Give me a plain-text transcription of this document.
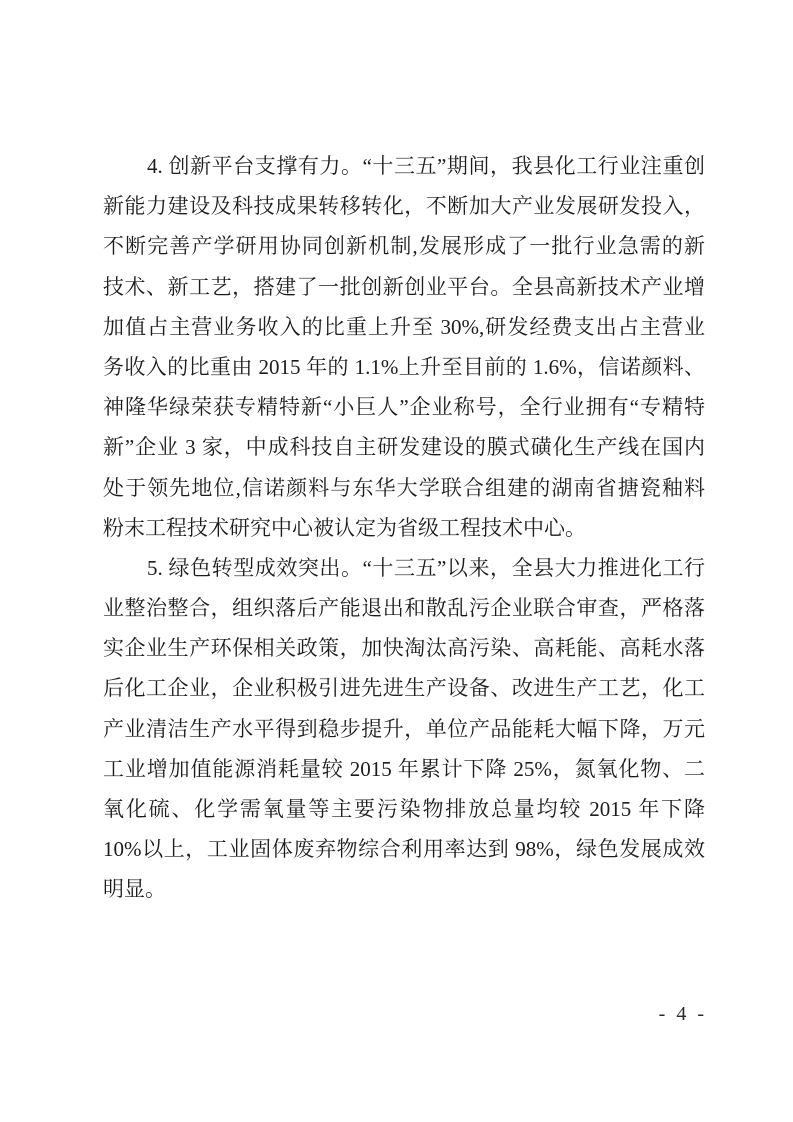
4. 创新平台支撑有力。“十三五”期间，我县化工行业注重创
新能力建设及科技成果转移转化，不断加大产业发展研发投入，
不断完善产学研用协同创新机制,发展形成了一批行业急需的新
技术、新工艺，搭建了一批创新创业平台。全县高新技术产业增
加值占主营业务收入的比重上升至 30%,研发经费支出占主营业
务收入的比重由 2015 年的 1.1%上升至目前的 1.6%，信诺颜料、
神隆华绿荣获专精特新“小巨人”企业称号，全行业拥有“专精特
新”企业 3 家，中成科技自主研发建设的膜式磺化生产线在国内
处于领先地位,信诺颜料与东华大学联合组建的湖南省搪瓷釉料
粉末工程技术研究中心被认定为省级工程技术中心。
5. 绿色转型成效突出。“十三五”以来，全县大力推进化工行
业整治整合，组织落后产能退出和散乱污企业联合审查，严格落
实企业生产环保相关政策，加快淘汰高污染、高耗能、高耗水落
后化工企业，企业积极引进先进生产设备、改进生产工艺，化工
产业清洁生产水平得到稳步提升，单位产品能耗大幅下降，万元
工业增加值能源消耗量较 2015 年累计下降 25%，氮氧化物、二
氧化硫、化学需氧量等主要污染物排放总量均较 2015 年下降
10%以上，工业固体废弃物综合利用率达到 98%，绿色发展成效
明显。
- 4 -
